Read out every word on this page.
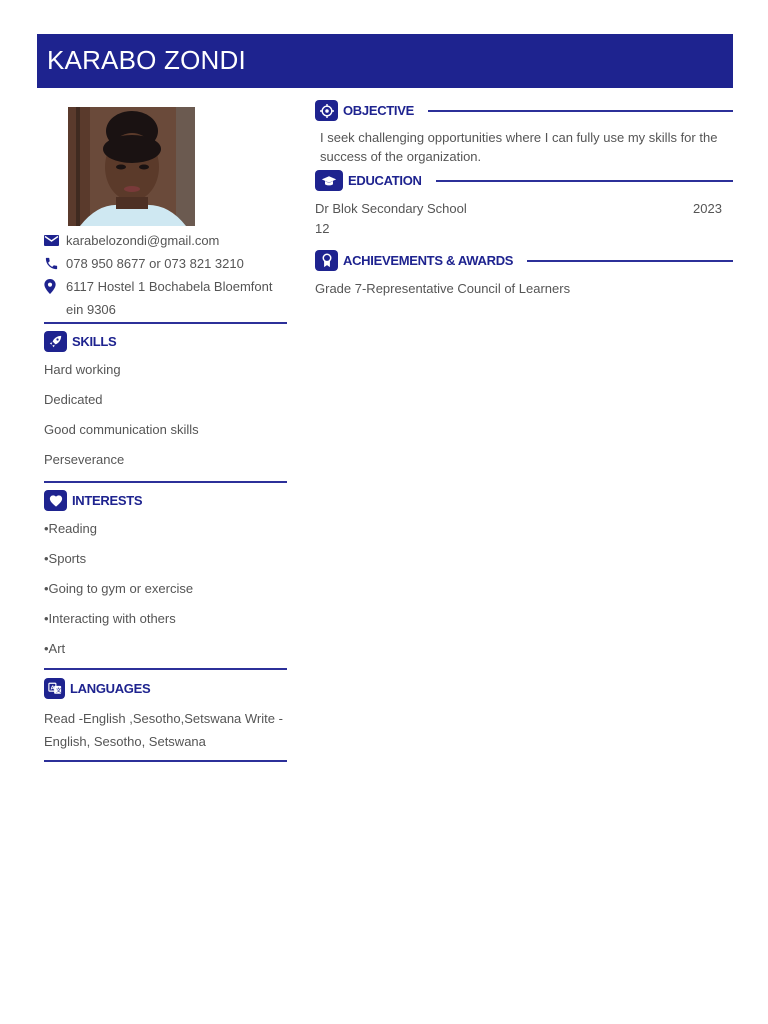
KARABO ZONDI
karabelozondi@gmail.com
078 950 8677 or 073 821 3210
6117 Hostel 1 Bochabela Bloemfont ein 9306
SKILLS
Hard working
Dedicated
Good communication skills
Perseverance
INTERESTS
•Reading
•Sports
•Going to gym or exercise
•Interacting with others
•Art
A 文 LANGUAGES
Read -English ,Sesotho,Setswana Write - English, Sesotho, Setswana
OBJECTIVE
I seek challenging opportunities where I can fully use my skills for the success of the organization.
EDUCATION
Dr Blok Secondary School	2023
12
ACHIEVEMENTS & AWARDS
Grade 7-Representative Council of Learners
